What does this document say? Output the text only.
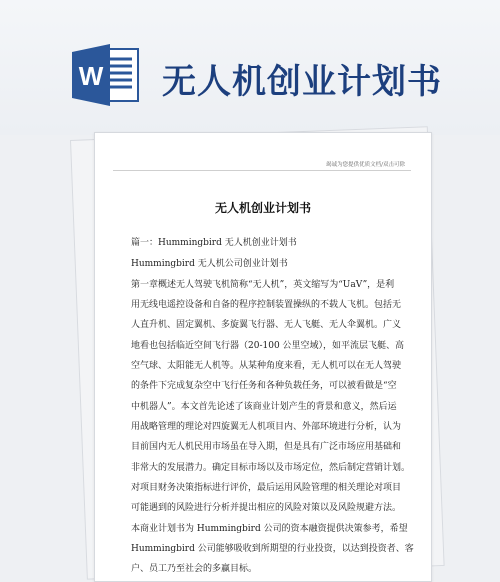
W 无人机创业计划书
竭诚为您提供优质文档/双击可除
无人机创业计划书
篇一：Hummingbird 无人机创业计划书
Hummingbird 无人机公司创业计划书
第一章概述无人驾驶飞机简称“无人机”，英文缩写为“UaV”，是利
用无线电遥控设备和自备的程序控制装置操纵的不载人飞机。包括无
人直升机、固定翼机、多旋翼飞行器、无人飞艇、无人伞翼机。广义
地看也包括临近空间飞行器（20-100 公里空域），如平流层飞艇、高
空气球、太阳能无人机等。从某种角度来看，无人机可以在无人驾驶
的条件下完成复杂空中飞行任务和各种负载任务，可以被看做是“空
中机器人”。本文首先论述了该商业计划产生的背景和意义，然后运
用战略管理的理论对四旋翼无人机项目内、外部环境进行分析，认为
目前国内无人机民用市场虽在导入期，但是具有广泛市场应用基础和
非常大的发展潜力。确定目标市场以及市场定位，然后制定营销计划。
对项目财务决策指标进行评价，最后运用风险管理的相关理论对项目
可能遇到的风险进行分析并提出相应的风险对策以及风险规避方法。
本商业计划书为 Hummingbird 公司的资本融资提供决策参考，希望
Hummingbird 公司能够吸收到所期望的行业投资，以达到投资者、客
户、员工乃至社会的多赢目标。
